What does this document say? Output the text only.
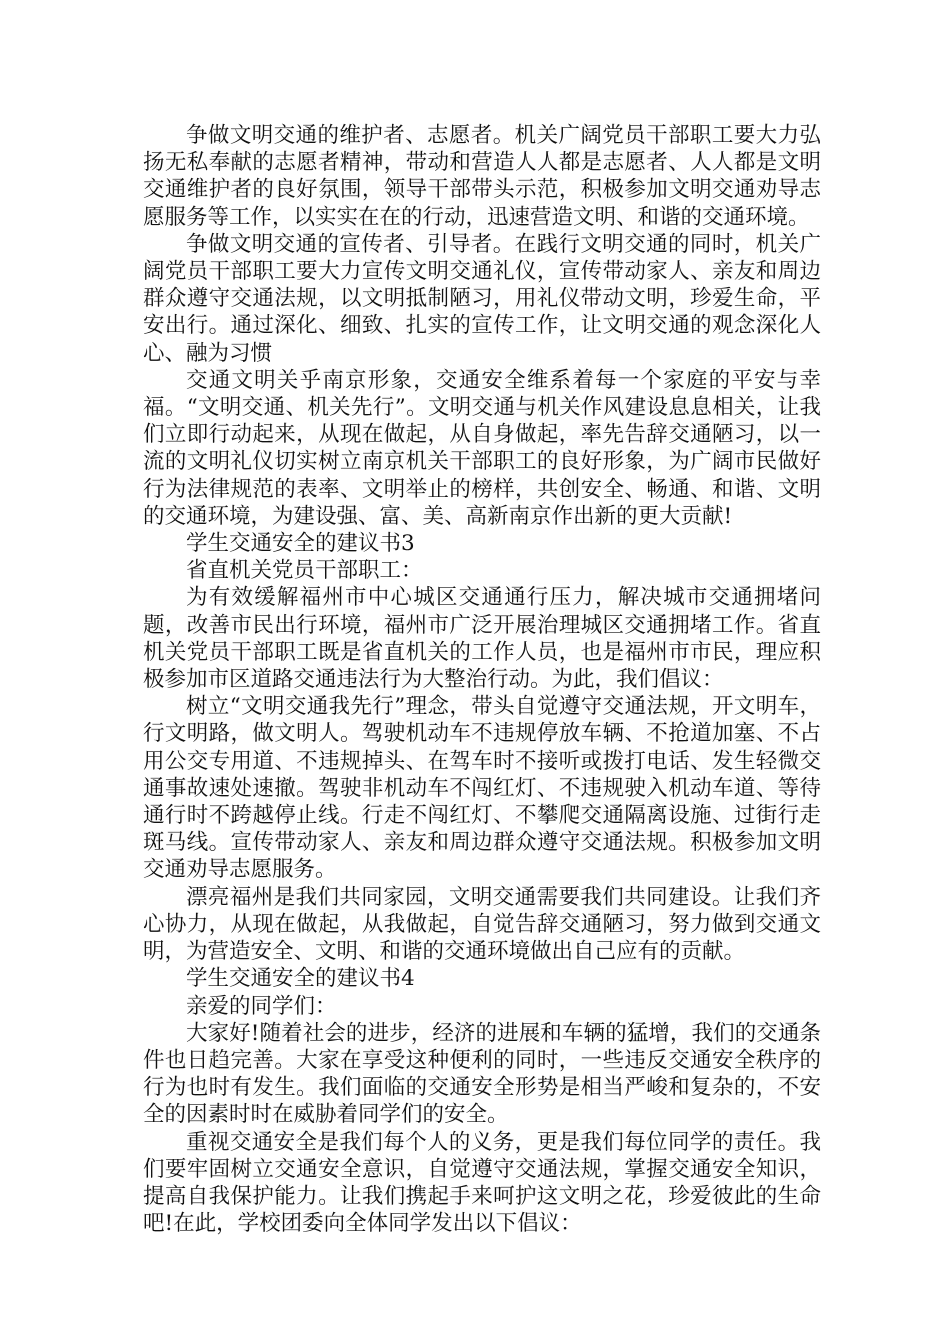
争做文明交通的维护者、志愿者。机关广阔党员干部职工要大力弘扬无私奉献的志愿者精神，带动和营造人人都是志愿者、人人都是文明交通维护者的良好氛围，领导干部带头示范，积极参加文明交通劝导志愿服务等工作，以实实在在的行动，迅速营造文明、和谐的交通环境。

争做文明交通的宣传者、引导者。在践行文明交通的同时，机关广阔党员干部职工要大力宣传文明交通礼仪，宣传带动家人、亲友和周边群众遵守交通法规，以文明抵制陋习，用礼仪带动文明，珍爱生命，平安出行。通过深化、细致、扎实的宣传工作，让文明交通的观念深化人心、融为习惯

交通文明关乎南京形象，交通安全维系着每一个家庭的平安与幸福。“文明交通、机关先行”。文明交通与机关作风建设息息相关，让我们立即行动起来，从现在做起，从自身做起，率先告辞交通陋习，以一流的文明礼仪切实树立南京机关干部职工的良好形象，为广阔市民做好行为法律规范的表率、文明举止的榜样，共创安全、畅通、和谐、文明的交通环境，为建设强、富、美、高新南京作出新的更大贡献!

学生交通安全的建议书3

省直机关党员干部职工：

为有效缓解福州市中心城区交通通行压力，解决城市交通拥堵问题，改善市民出行环境，福州市广泛开展治理城区交通拥堵工作。省直机关党员干部职工既是省直机关的工作人员，也是福州市市民，理应积极参加市区道路交通违法行为大整治行动。为此，我们倡议：

树立“文明交通我先行”理念，带头自觉遵守交通法规，开文明车，行文明路，做文明人。驾驶机动车不违规停放车辆、不抢道加塞、不占用公交专用道、不违规掉头、在驾车时不接听或拨打电话、发生轻微交通事故速处速撤。驾驶非机动车不闯红灯、不违规驶入机动车道、等待通行时不跨越停止线。行走不闯红灯、不攀爬交通隔离设施、过街行走斑马线。宣传带动家人、亲友和周边群众遵守交通法规。积极参加文明交通劝导志愿服务。

漂亮福州是我们共同家园，文明交通需要我们共同建设。让我们齐心协力，从现在做起，从我做起，自觉告辞交通陋习，努力做到交通文明，为营造安全、文明、和谐的交通环境做出自己应有的贡献。

学生交通安全的建议书4

亲爱的同学们：

大家好!随着社会的进步，经济的进展和车辆的猛增，我们的交通条件也日趋完善。大家在享受这种便利的同时，一些违反交通安全秩序的行为也时有发生。我们面临的交通安全形势是相当严峻和复杂的，不安全的因素时时在威胁着同学们的安全。

重视交通安全是我们每个人的义务，更是我们每位同学的责任。我们要牢固树立交通安全意识，自觉遵守交通法规，掌握交通安全知识，提高自我保护能力。让我们携起手来呵护这文明之花，珍爱彼此的生命吧!在此，学校团委向全体同学发出以下倡议：
